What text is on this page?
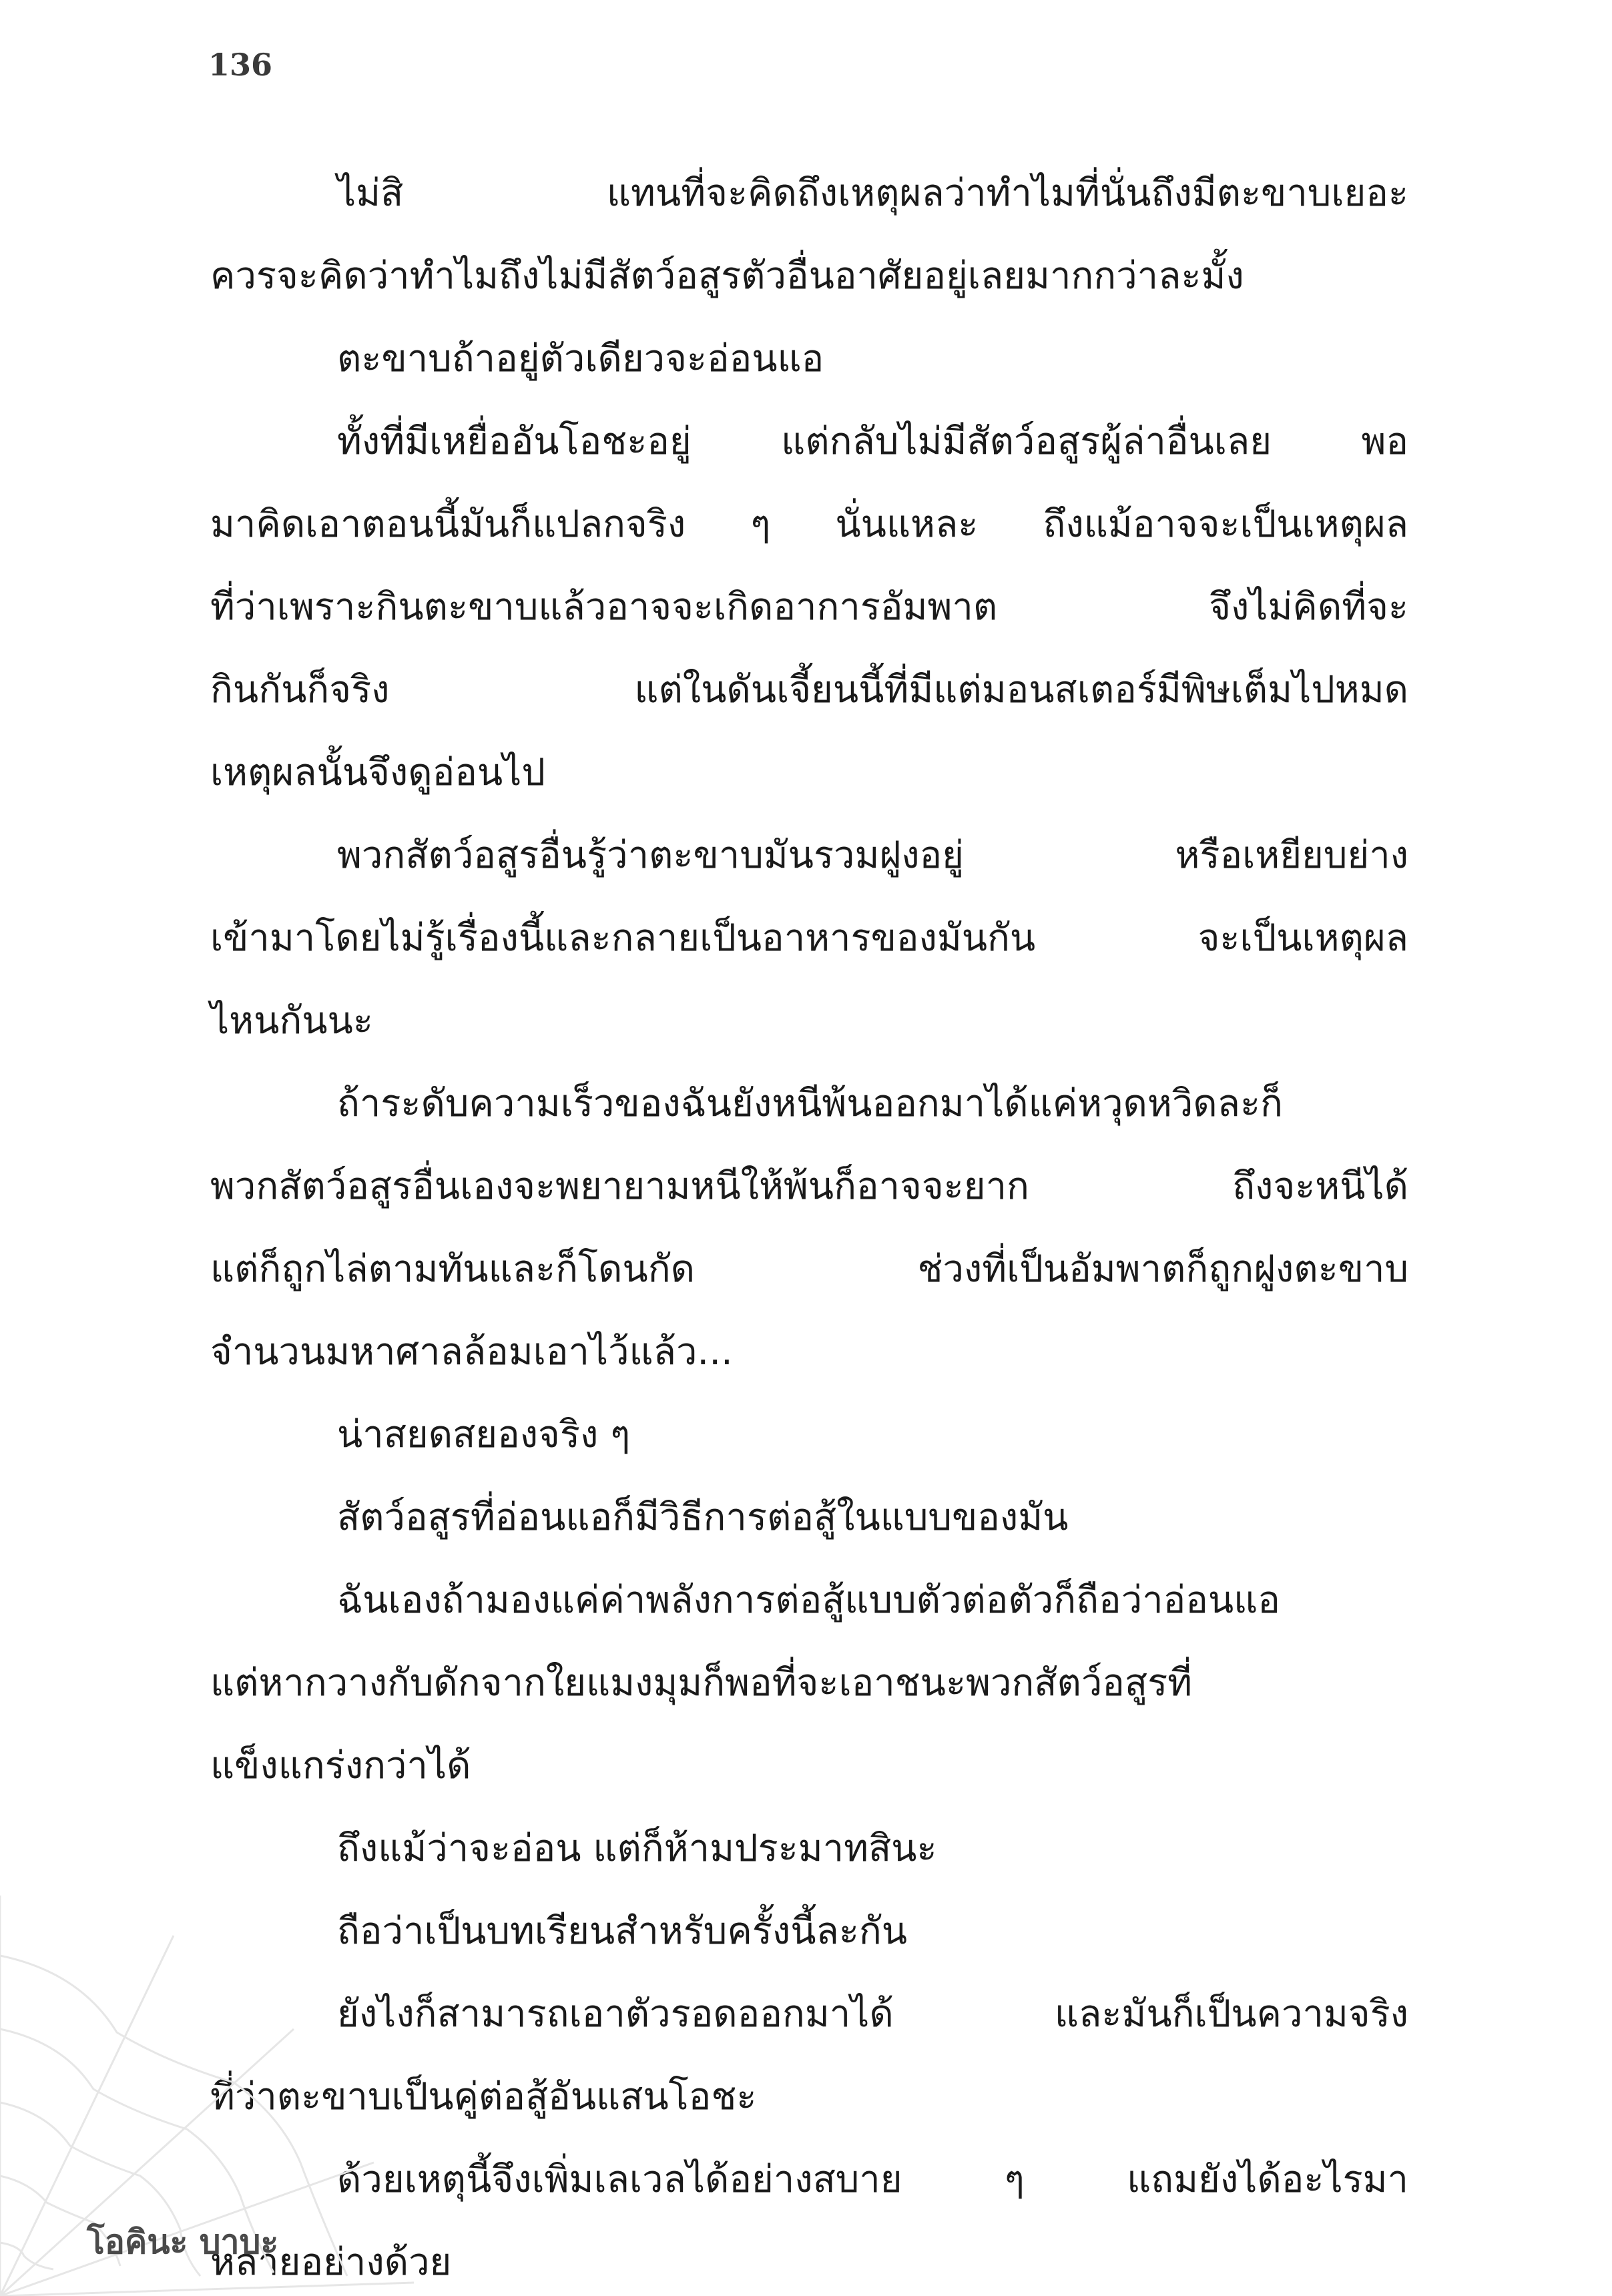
136
ไม่สิ แทนที่จะคิดถึงเหตุผลว่าทำไมที่นั่นถึงมีตะขาบเยอะ
ควรจะคิดว่าทำไมถึงไม่มีสัตว์อสูรตัวอื่นอาศัยอยู่เลยมากกว่าละมั้ง
ตะขาบถ้าอยู่ตัวเดียวจะอ่อนแอ
ทั้งที่มีเหยื่ออันโอชะอยู่ แต่กลับไม่มีสัตว์อสูรผู้ล่าอื่นเลย พอ
มาคิดเอาตอนนี้มันก็แปลกจริง ๆ นั่นแหละ ถึงแม้อาจจะเป็นเหตุผล
ที่ว่าเพราะกินตะขาบแล้วอาจจะเกิดอาการอัมพาต จึงไม่คิดที่จะ
กินกันก็จริง แต่ในดันเจี้ยนนี้ที่มีแต่มอนสเตอร์มีพิษเต็มไปหมด
เหตุผลนั้นจึงดูอ่อนไป
พวกสัตว์อสูรอื่นรู้ว่าตะขาบมันรวมฝูงอยู่ หรือเหยียบย่าง
เข้ามาโดยไม่รู้เรื่องนี้และกลายเป็นอาหารของมันกัน จะเป็นเหตุผล
ไหนกันนะ
ถ้าระดับความเร็วของฉันยังหนีพ้นออกมาได้แค่หวุดหวิดละก็
พวกสัตว์อสูรอื่นเองจะพยายามหนีให้พ้นก็อาจจะยาก ถึงจะหนีได้
แต่ก็ถูกไล่ตามทันและก็โดนกัด ช่วงที่เป็นอัมพาตก็ถูกฝูงตะขาบ
จำนวนมหาศาลล้อมเอาไว้แล้ว...
น่าสยดสยองจริง ๆ
สัตว์อสูรที่อ่อนแอก็มีวิธีการต่อสู้ในแบบของมัน
ฉันเองถ้ามองแค่ค่าพลังการต่อสู้แบบตัวต่อตัวก็ถือว่าอ่อนแอ
แต่หากวางกับดักจากใยแมงมุมก็พอที่จะเอาชนะพวกสัตว์อสูรที่
แข็งแกร่งกว่าได้
ถึงแม้ว่าจะอ่อน แต่ก็ห้ามประมาทสินะ
ถือว่าเป็นบทเรียนสำหรับครั้งนี้ละกัน
ยังไงก็สามารถเอาตัวรอดออกมาได้ และมันก็เป็นความจริง
ที่ว่าตะขาบเป็นคู่ต่อสู้อันแสนโอชะ
ด้วยเหตุนี้จึงเพิ่มเลเวลได้อย่างสบาย ๆ แถมยังได้อะไรมา
หลายอย่างด้วย
โอคินะ บาบะ
